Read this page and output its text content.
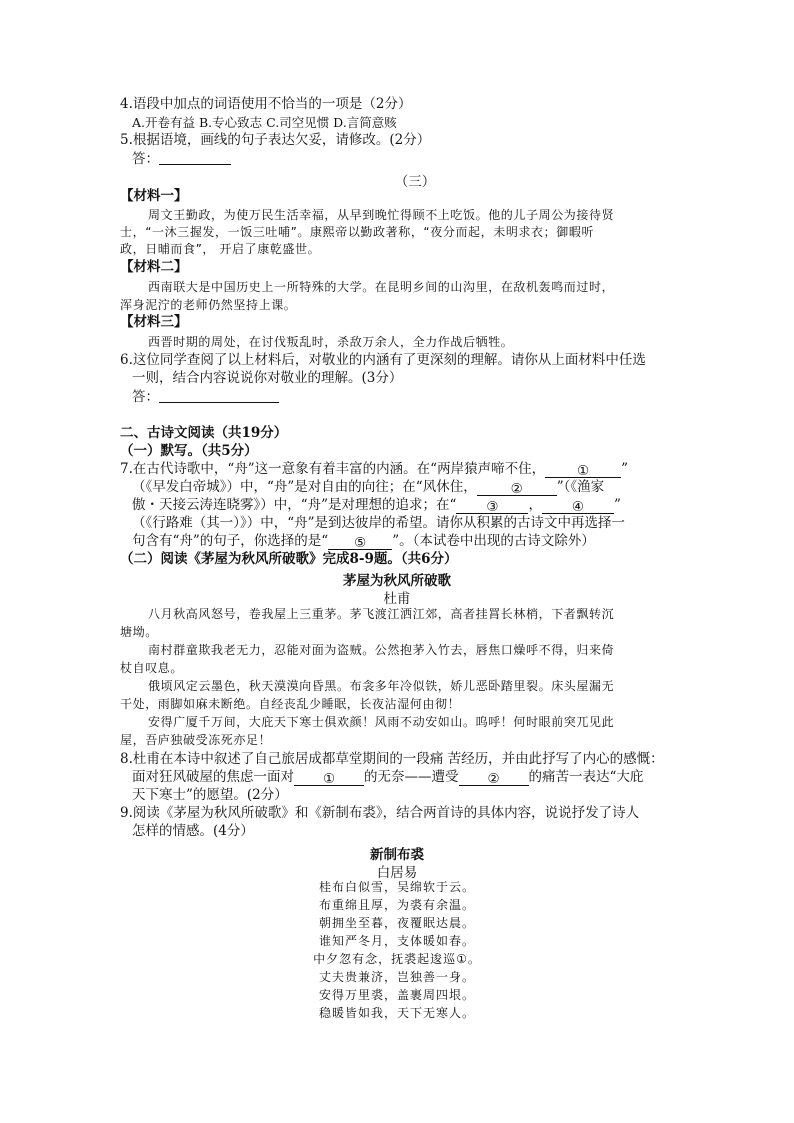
4.语段中加点的词语使用不恰当的一项是（2分）
A.开卷有益 B.专心致志 C.司空见惯 D.言简意赅
5.根据语境，画线的句子表达欠妥，请修改。(2分）
答：
（三）
【材料一】
周文王勤政，为使万民生活幸福，从早到晚忙得顾不上吃饭。他的儿子周公为接待贤
士，“一沐三握发，一饭三吐哺”。康熙帝以勤政著称，“夜分而起，未明求衣；御暇听
政，日晡而食”， 开启了康乾盛世。
【材料二】
西南联大是中国历史上一所特殊的大学。在昆明乡间的山沟里，在敌机轰鸣而过时，
浑身泥泞的老师仍然坚持上课。
【材料三】
西晋时期的周处，在讨伐叛乱时，杀敌万余人，全力作战后牺牲。
6.这位同学查阅了以上材料后，对敬业的内涵有了更深刻的理解。请你从上面材料中任选
一则，结合内容说说你对敬业的理解。(3分）
答：
二、古诗文阅读（共19分）
（一）默写。（共5分）
7.在古代诗歌中，“舟”这一意象有着丰富的内涵。在“两岸猿声啼不住， ① ”
（《早发白帝城》）中，“舟”是对自由的向往；在“风休住，	②	”（《渔家
傲・天接云涛连晓雾》）中，“舟”是对理想的追求；在“ ③ ， ④ ”
（《行路难（其一）》）中，“舟”是到达彼岸的希望。请你从积累的古诗文中再选择一
句含有“舟”的句子，你选择的是“ ⑤ ”。（本试卷中出现的古诗文除外）
（二）阅读《茅屋为秋风所破歌》完成8-9题。（共6分）
茅屋为秋风所破歌
杜甫
八月秋高风怒号，卷我屋上三重茅。茅飞渡江洒江郊，高者挂罥长林梢，下者飘转沉
塘坳。
南村群童欺我老无力，忍能对面为盗贼。公然抱茅入竹去，唇焦口燥呼不得，归来倚
杖自叹息。
俄顷风定云墨色，秋天漠漠向昏黑。布衾多年冷似铁，娇儿恶卧踏里裂。床头屋漏无
干处，雨脚如麻未断绝。自经丧乱少睡眠，长夜沾湿何由彻！
安得广厦千万间，大庇天下寒士俱欢颜！风雨不动安如山。呜呼！何时眼前突兀见此
屋，吾庐独破受冻死亦足！
8.杜甫在本诗中叙述了自己旅居成都草堂期间的一段痛 苦经历，并由此抒写了内心的感慨：
面对狂风破屋的焦虑一面对 ① 的无奈——遭受 ② 的痛苦一表达“大庇
天下寒士”的愿望。(2分）
9.阅读《茅屋为秋风所破歌》和《新制布裘》，结合两首诗的具体内容，说说抒发了诗人
怎样的情感。(4分）
新制布裘
白居易
桂布白似雪，吴绵软于云。
布重绵且厚，为裘有余温。
朝拥坐至暮，夜覆眠达晨。
谁知严冬月，支体暖如春。
中夕忽有念，抚裘起逡巡①。
丈夫贵兼济，岂独善一身。
安得万里裘，盖裹周四垠。
稳暖皆如我，天下无寒人。
